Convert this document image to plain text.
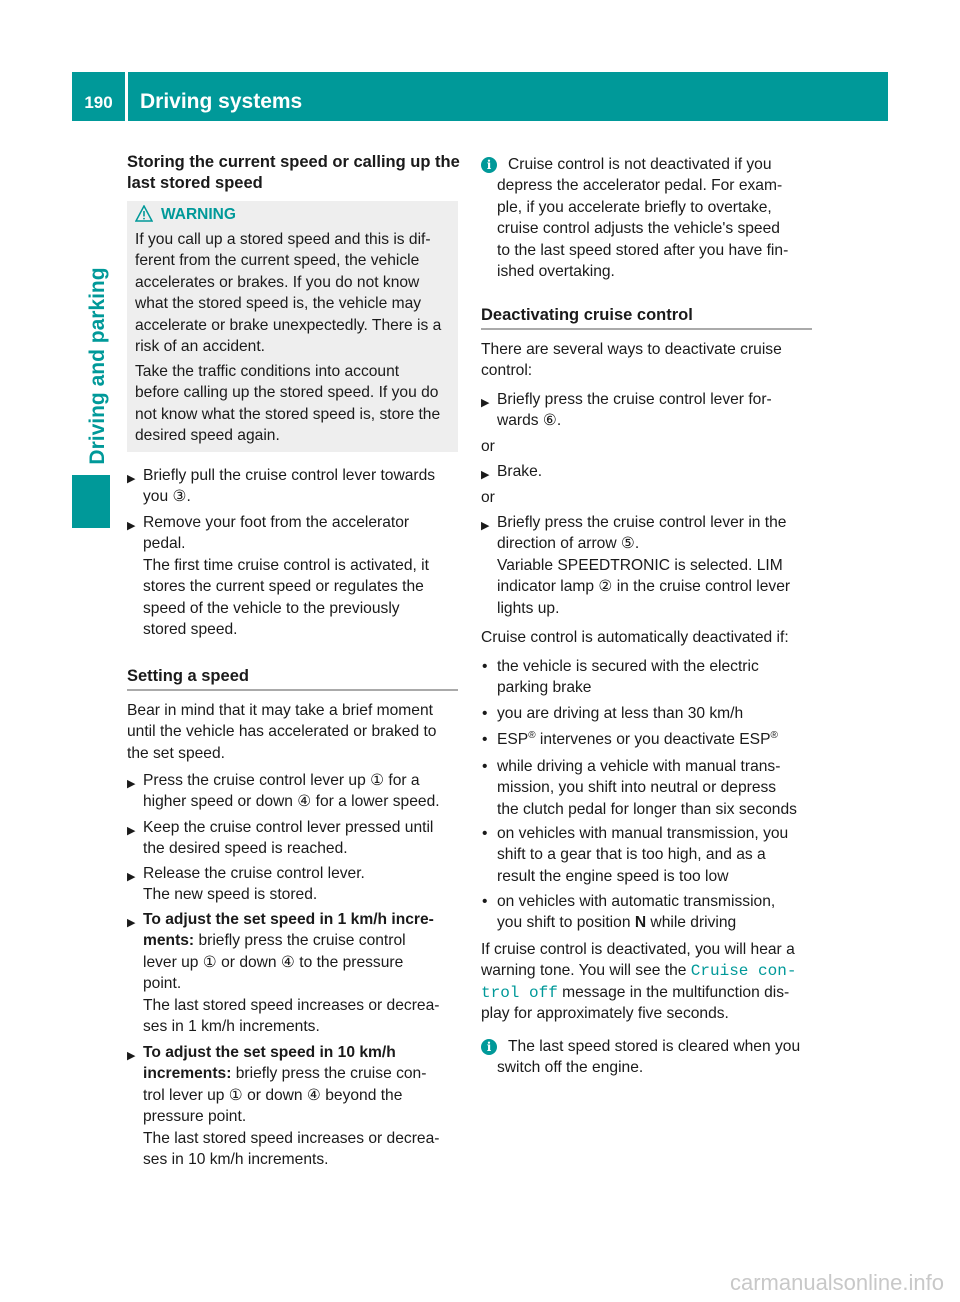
190	Driving systems
Driving and parking
WARNING
If you call up a stored speed and this is dif-
ferent from the current speed, the vehicle
accelerates or brakes. If you do not know
what the stored speed is, the vehicle may
accelerate or brake unexpectedly. There is a
risk of an accident.
Take the traffic conditions into account
before calling up the stored speed. If you do
not know what the stored speed is, store the
desired speed again.
carmanualsonline.info
Storing the current speed or calling up the
last stored speed
▶ Briefly pull the cruise control lever towards
you ③.
▶ Remove your foot from the accelerator
pedal.
The first time cruise control is activated, it
stores the current speed or regulates the
speed of the vehicle to the previously
stored speed.
Setting a speed
Bear in mind that it may take a brief moment
until the vehicle has accelerated or braked to
the set speed.
▶ Press the cruise control lever up ① for a
higher speed or down ④ for a lower speed.
▶ Keep the cruise control lever pressed until
the desired speed is reached.
▶ Release the cruise control lever.
The new speed is stored.
▶ To adjust the set speed in 1 km/h incre-
ments: briefly press the cruise control
lever up ① or down ④ to the pressure
point.
The last stored speed increases or decrea-
ses in 1 km/h increments.
▶ To adjust the set speed in 10 km/h
increments: briefly press the cruise con-
trol lever up ① or down ④ beyond the
pressure point.
The last stored speed increases or decrea-
ses in 10 km/h increments.
i	Cruise control is not deactivated if you
depress the accelerator pedal. For exam-
ple, if you accelerate briefly to overtake,
cruise control adjusts the vehicle's speed
to the last speed stored after you have fin-
ished overtaking.
Deactivating cruise control
There are several ways to deactivate cruise
control:
▶ Briefly press the cruise control lever for-
wards ⑥.
or
▶ Brake.
or
▶ Briefly press the cruise control lever in the
direction of arrow ⑤.
Variable SPEEDTRONIC is selected. LIM
indicator lamp ② in the cruise control lever
lights up.
Cruise control is automatically deactivated if:
• the vehicle is secured with the electric
parking brake
• you are driving at less than 30 km/h
• ESP® intervenes or you deactivate ESP®
• while driving a vehicle with manual trans-
mission, you shift into neutral or depress
the clutch pedal for longer than six seconds
• on vehicles with manual transmission, you
shift to a gear that is too high, and as a
result the engine speed is too low
• on vehicles with automatic transmission,
you shift to position N while driving
If cruise control is deactivated, you will hear a
warning tone. You will see the Cruise con-
trol off message in the multifunction dis-
play for approximately five seconds.
i	The last speed stored is cleared when you
switch off the engine.
